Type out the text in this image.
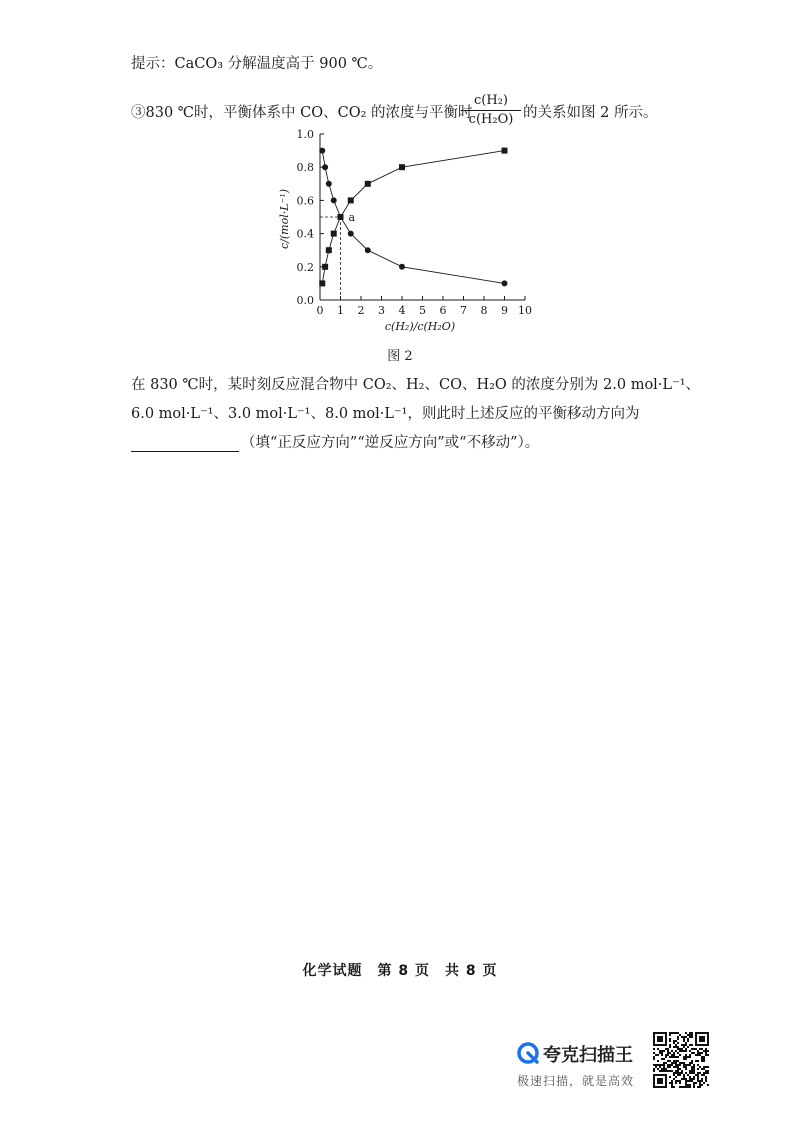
提示：CaCO₃ 分解温度高于 900 ℃。
③830 ℃时，平衡体系中 CO、CO₂ 的浓度与平衡时
$\frac{\text{c(H₂)}}{\text{c(H₂O)}}$ 的关系如图 2 所示。
0 1 2 3 4 5 6 7 8 9 10
0.0
0.2
0.4
0.6
0.8
1.0
c(H₂)/c(H₂O)
c/(mol·L⁻¹)	a
图 2
在 830 ℃时，某时刻反应混合物中 CO₂、H₂、CO、H₂O 的浓度分别为 2.0 mol·L⁻¹、
6.0 mol·L⁻¹、3.0 mol·L⁻¹、8.0 mol·L⁻¹，则此时上述反应的平衡移动方向为
（填“正反应方向”“逆反应方向”或“不移动”）。
化学试题　第 8 页　共 8 页
夸克扫描王
极速扫描，就是高效
